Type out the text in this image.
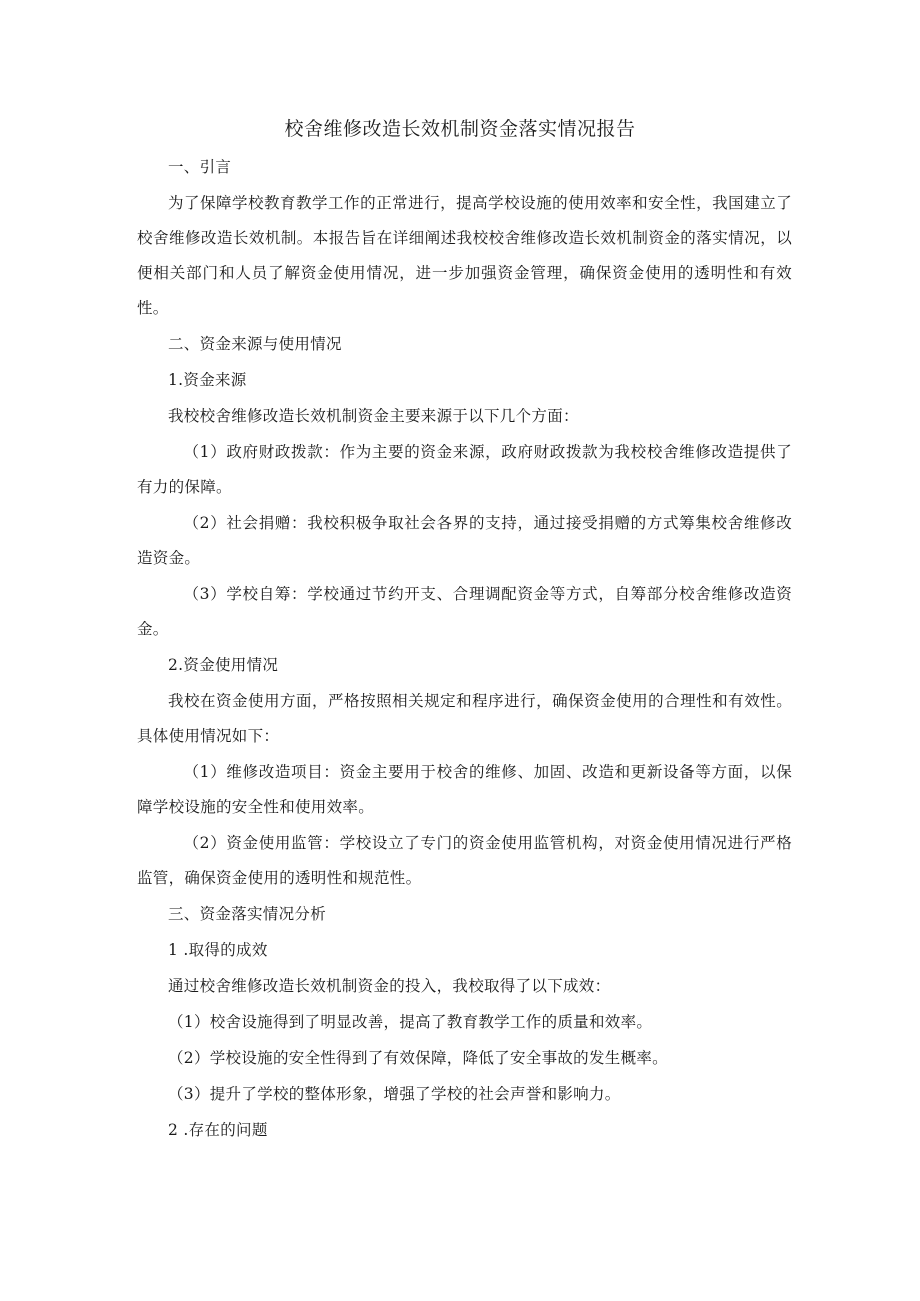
校舍维修改造长效机制资金落实情况报告
一、引言

为了保障学校教育教学工作的正常进行，提高学校设施的使用效率和安全性，我国建立了校舍维修改造长效机制。本报告旨在详细阐述我校校舍维修改造长效机制资金的落实情况，以便相关部门和人员了解资金使用情况，进一步加强资金管理，确保资金使用的透明性和有效性。

二、资金来源与使用情况
1.资金来源

我校校舍维修改造长效机制资金主要来源于以下几个方面：

（1）政府财政拨款：作为主要的资金来源，政府财政拨款为我校校舍维修改造提供了有力的保障。

（2）社会捐赠：我校积极争取社会各界的支持，通过接受捐赠的方式筹集校舍维修改造资金。

（3）学校自筹：学校通过节约开支、合理调配资金等方式，自筹部分校舍维修改造资金。

2.资金使用情况

我校在资金使用方面，严格按照相关规定和程序进行，确保资金使用的合理性和有效性。具体使用情况如下：

（1）维修改造项目：资金主要用于校舍的维修、加固、改造和更新设备等方面，以保障学校设施的安全性和使用效率。

（2）资金使用监管：学校设立了专门的资金使用监管机构，对资金使用情况进行严格监管，确保资金使用的透明性和规范性。

三、资金落实情况分析
1 .取得的成效

通过校舍维修改造长效机制资金的投入，我校取得了以下成效：

（1）校舍设施得到了明显改善，提高了教育教学工作的质量和效率。
（2）学校设施的安全性得到了有效保障，降低了安全事故的发生概率。
（3）提升了学校的整体形象，增强了学校的社会声誉和影响力。
2 .存在的问题
